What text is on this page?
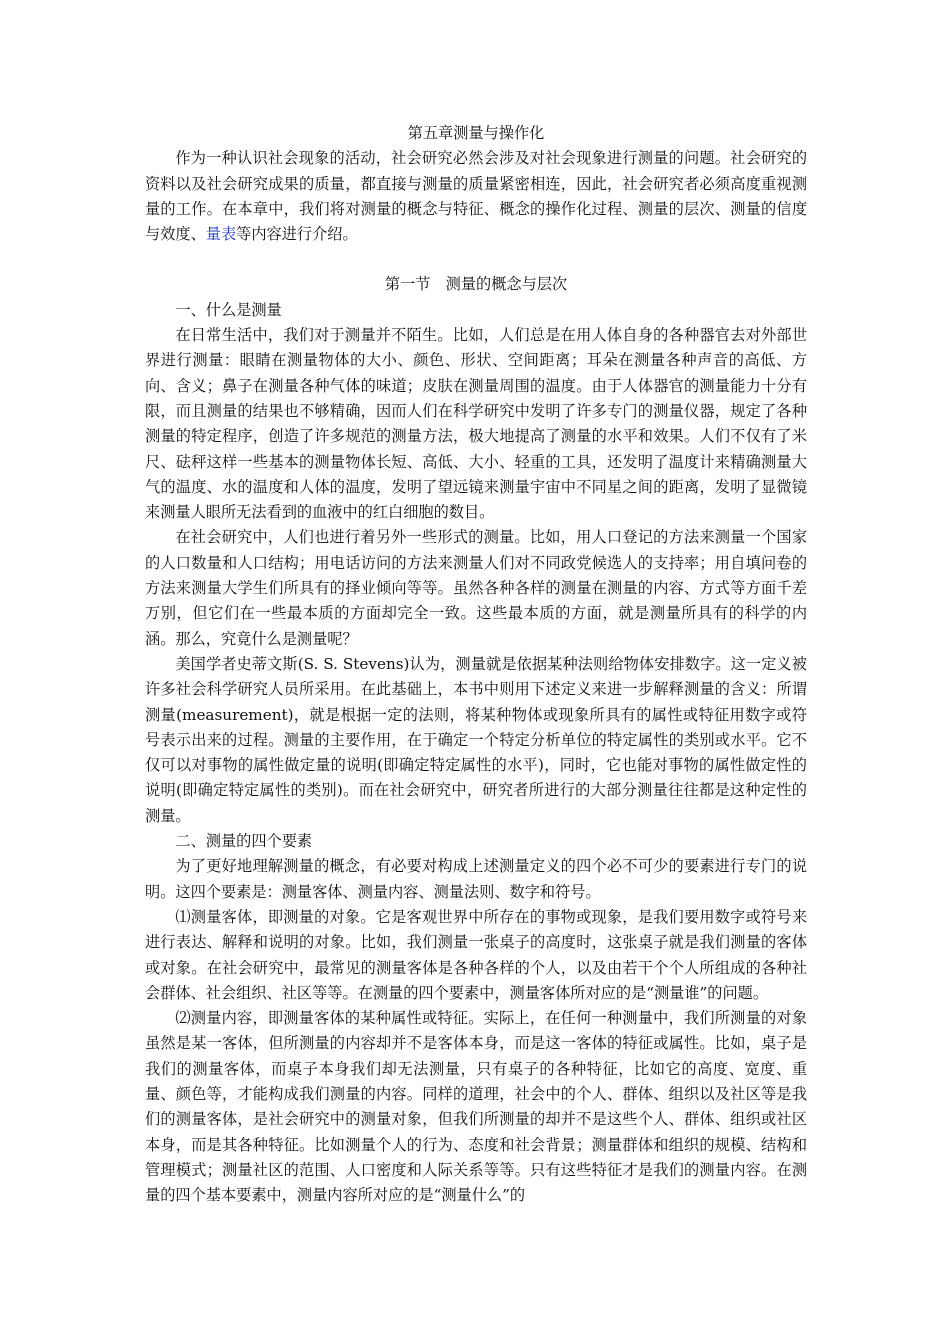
第五章测量与操作化

作为一种认识社会现象的活动，社会研究必然会涉及对社会现象进行测量的问题。社会研究的资料以及社会研究成果的质量，都直接与测量的质量紧密相连，因此，社会研究者必须高度重视测量的工作。在本章中，我们将对测量的概念与特征、概念的操作化过程、测量的层次、测量的信度与效度、量表等内容进行介绍。

第一节　测量的概念与层次

一、什么是测量

在日常生活中，我们对于测量并不陌生。比如，人们总是在用人体自身的各种器官去对外部世界进行测量：眼睛在测量物体的大小、颜色、形状、空间距离；耳朵在测量各种声音的高低、方向、含义；鼻子在测量各种气体的味道；皮肤在测量周围的温度。由于人体器官的测量能力十分有限，而且测量的结果也不够精确，因而人们在科学研究中发明了许多专门的测量仪器，规定了各种测量的特定程序，创造了许多规范的测量方法，极大地提高了测量的水平和效果。人们不仅有了米尺、砝秤这样一些基本的测量物体长短、高低、大小、轻重的工具，还发明了温度计来精确测量大气的温度、水的温度和人体的温度，发明了望远镜来测量宇宙中不同星之间的距离，发明了显微镜来测量人眼所无法看到的血液中的红白细胞的数目。

在社会研究中，人们也进行着另外一些形式的测量。比如，用人口登记的方法来测量一个国家的人口数量和人口结构；用电话访问的方法来测量人们对不同政党候选人的支持率；用自填问卷的方法来测量大学生们所具有的择业倾向等等。虽然各种各样的测量在测量的内容、方式等方面千差万别，但它们在一些最本质的方面却完全一致。这些最本质的方面，就是测量所具有的科学的内涵。那么，究竟什么是测量呢？

美国学者史蒂文斯(S. S. Stevens)认为，测量就是依据某种法则给物体安排数字。这一定义被许多社会科学研究人员所采用。在此基础上，本书中则用下述定义来进一步解释测量的含义：所谓测量(measurement)，就是根据一定的法则，将某种物体或现象所具有的属性或特征用数字或符号表示出来的过程。测量的主要作用，在于确定一个特定分析单位的特定属性的类别或水平。它不仅可以对事物的属性做定量的说明(即确定特定属性的水平)，同时，它也能对事物的属性做定性的说明(即确定特定属性的类别)。而在社会研究中，研究者所进行的大部分测量往往都是这种定性的测量。

二、测量的四个要素

为了更好地理解测量的概念，有必要对构成上述测量定义的四个必不可少的要素进行专门的说明。这四个要素是：测量客体、测量内容、测量法则、数字和符号。

⑴测量客体，即测量的对象。它是客观世界中所存在的事物或现象，是我们要用数字或符号来进行表达、解释和说明的对象。比如，我们测量一张桌子的高度时，这张桌子就是我们测量的客体或对象。在社会研究中，最常见的测量客体是各种各样的个人，以及由若干个个人所组成的各种社会群体、社会组织、社区等等。在测量的四个要素中，测量客体所对应的是“测量谁”的问题。

⑵测量内容，即测量客体的某种属性或特征。实际上，在任何一种测量中，我们所测量的对象虽然是某一客体，但所测量的内容却并不是客体本身，而是这一客体的特征或属性。比如，桌子是我们的测量客体，而桌子本身我们却无法测量，只有桌子的各种特征，比如它的高度、宽度、重量、颜色等，才能构成我们测量的内容。同样的道理，社会中的个人、群体、组织以及社区等是我们的测量客体，是社会研究中的测量对象，但我们所测量的却并不是这些个人、群体、组织或社区本身，而是其各种特征。比如测量个人的行为、态度和社会背景；测量群体和组织的规模、结构和管理模式；测量社区的范围、人口密度和人际关系等等。只有这些特征才是我们的测量内容。在测量的四个基本要素中，测量内容所对应的是“测量什么”的
